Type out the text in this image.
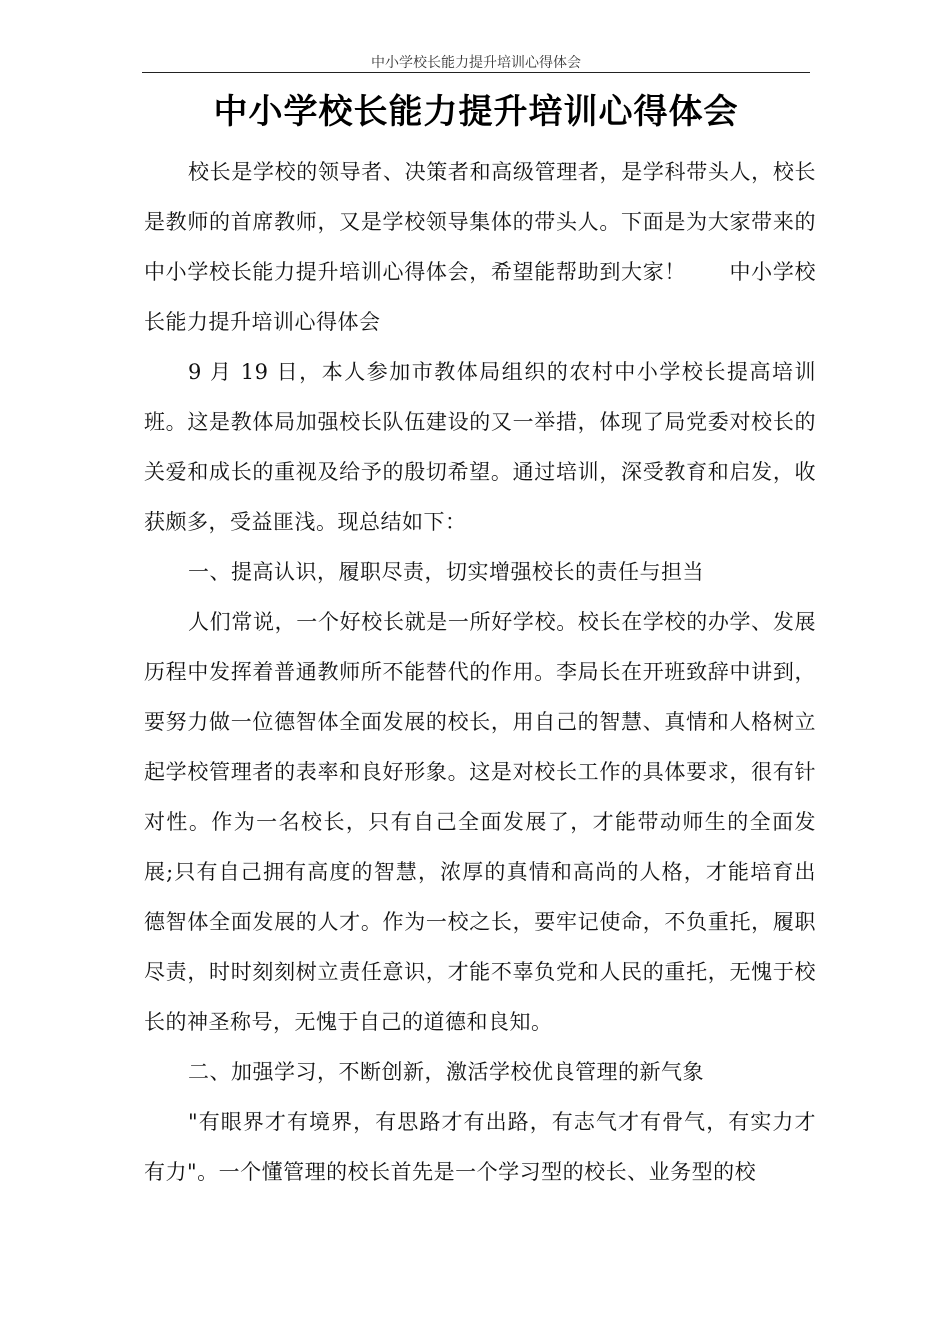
中小学校长能力提升培训心得体会
中小学校长能力提升培训心得体会

校长是学校的领导者、决策者和高级管理者，是学科带头人，校长是教师的首席教师，又是学校领导集体的带头人。下面是为大家带来的中小学校长能力提升培训心得体会，希望能帮助到大家！　　中小学校长能力提升培训心得体会

9 月 19 日，本人参加市教体局组织的农村中小学校长提高培训班。这是教体局加强校长队伍建设的又一举措，体现了局党委对校长的关爱和成长的重视及给予的殷切希望。通过培训，深受教育和启发，收获颇多，受益匪浅。现总结如下：

一、提高认识，履职尽责，切实增强校长的责任与担当

人们常说，一个好校长就是一所好学校。校长在学校的办学、发展历程中发挥着普通教师所不能替代的作用。李局长在开班致辞中讲到，要努力做一位德智体全面发展的校长，用自己的智慧、真情和人格树立起学校管理者的表率和良好形象。这是对校长工作的具体要求，很有针对性。作为一名校长，只有自己全面发展了，才能带动师生的全面发展;只有自己拥有高度的智慧，浓厚的真情和高尚的人格，才能培育出德智体全面发展的人才。作为一校之长，要牢记使命，不负重托，履职尽责，时时刻刻树立责任意识，才能不辜负党和人民的重托，无愧于校长的神圣称号，无愧于自己的道德和良知。

二、加强学习，不断创新，激活学校优良管理的新气象

"有眼界才有境界，有思路才有出路，有志气才有骨气，有实力才有力"。一个懂管理的校长首先是一个学习型的校长、业务型的校
